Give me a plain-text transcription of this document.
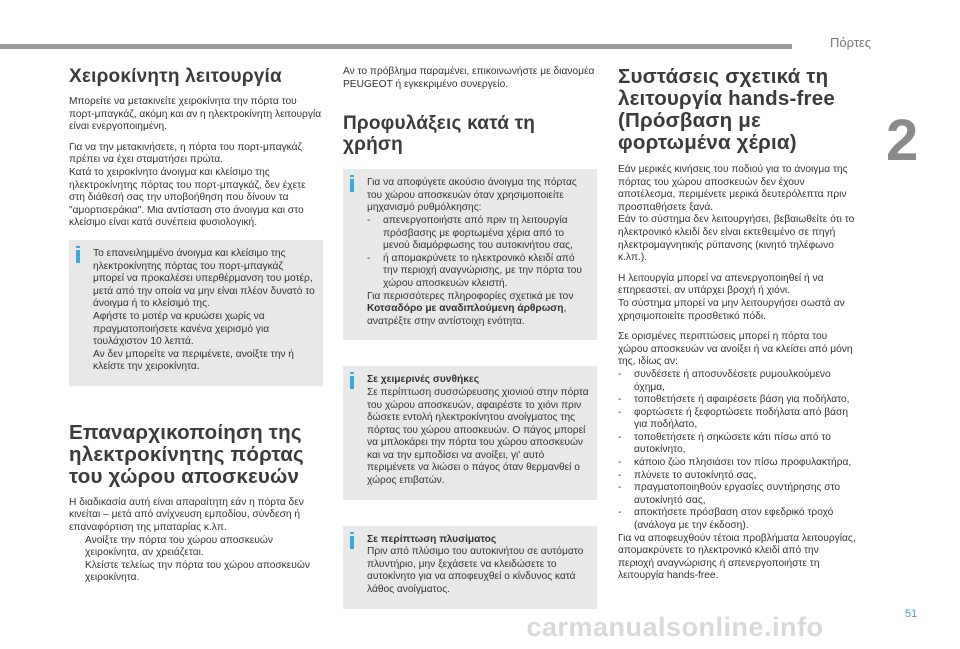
Πόρτες
2
51
carmanualsonline.info
Χειροκίνητη λειτουργία

Μπορείτε να μετακινείτε χειροκίνητα την πόρτα του πορτ-μπαγκάζ, ακόμη και αν η ηλεκτροκίνητη λειτουργία είναι ενεργοποιημένη.

Για να την μετακινήσετε, η πόρτα του πορτ-μπαγκάζ πρέπει να έχει σταματήσει πρώτα.

Κατά το χειροκίνητο άνοιγμα και κλείσιμο της ηλεκτροκίνητης πόρτας του πορτ-μπαγκάζ, δεν έχετε στη διάθεσή σας την υποβοήθηση που δίνουν τα "αμορτισεράκια". Μια αντίσταση στο άνοιγμα και στο κλείσιμο είναι κατά συνέπεια φυσιολογική.

Το επανειλημμένο άνοιγμα και κλείσιμο της ηλεκτροκίνητης πόρτας του πορτ-μπαγκάζ μπορεί να προκαλέσει υπερθέρμανση του μοτέρ, μετά από την οποία να μην είναι πλέον δυνατό το άνοιγμα ή το κλείσιμό της.
Αφήστε το μοτέρ να κρυώσει χωρίς να πραγματοποιήσετε κανένα χειρισμό για τουλάχιστον 10 λεπτά.
Αν δεν μπορείτε να περιμένετε, ανοίξτε την ή κλείστε την χειροκίνητα.
Επαναρχικοποίηση της ηλεκτροκίνητης πόρτας του χώρου αποσκευών

Η διαδικασία αυτή είναι απαραίτητη εάν η πόρτα δεν κινείται – μετά από ανίχνευση εμποδίου, σύνδεση ή επαναφόρτιση της μπαταρίας κ.λπ.

Ανοίξτε την πόρτα του χώρου αποσκευών χειροκίνητα, αν χρειάζεται.
Κλείστε τελείως την πόρτα του χώρου αποσκευών χειροκίνητα.

Αν το πρόβλημα παραμένει, επικοινωνήστε με διανομέα PEUGEOT ή εγκεκριμένο συνεργείο.

Προφυλάξεις κατά τη χρήση
Για να αποφύγετε ακούσιο άνοιγμα της πόρτας του χώρου αποσκευών όταν χρησιμοποιείτε μηχανισμό ρυθμόλκησης:
-	απενεργοποιήστε από πριν τη λειτουργία πρόσβασης με φορτωμένα χέρια από το μενού διαμόρφωσης του αυτοκινήτου σας,
-	ή απομακρύνετε το ηλεκτρονικό κλειδί από την περιοχή αναγνώρισης, με την πόρτα του χώρου αποσκευών κλειστή.
Για περισσότερες πληροφορίες σχετικά με τον Κοτσαδόρο με αναδιπλούμενη άρθρωση, ανατρέξτε στην αντίστοιχη ενότητα.
Σε χειμερινές συνθήκες
Σε περίπτωση συσσώρευσης χιονιού στην πόρτα του χώρου αποσκευών, αφαιρέστε το χιόνι πριν δώσετε εντολή ηλεκτροκίνητου ανοίγματος της πόρτας του χώρου αποσκευών. Ο πάγος μπορεί να μπλοκάρει την πόρτα του χώρου αποσκευών και να την εμποδίσει να ανοίξει, γι' αυτό περιμένετε να λιώσει ο πάγος όταν θερμανθεί ο χώρος επιβατών.
Σε περίπτωση πλυσίματος
Πριν από πλύσιμο του αυτοκινήτου σε αυτόματο πλυντήριο, μην ξεχάσετε να κλειδώσετε το αυτοκίνητο για να αποφευχθεί ο κίνδυνος κατά λάθος ανοίγματος.
Συστάσεις σχετικά τη λειτουργία hands-free (Πρόσβαση με φορτωμένα χέρια)

Εάν μερικές κινήσεις του ποδιού για το άνοιγμα της πόρτας του χώρου αποσκευών δεν έχουν αποτέλεσμα, περιμένετε μερικά δευτερόλεπτα πριν προσπαθήσετε ξανά.

Εάν το σύστημα δεν λειτουργήσει, βεβαιωθείτε ότι το ηλεκτρονικό κλειδί δεν είναι εκτεθειμένο σε πηγή ηλεκτρομαγνητικής ρύπανσης (κινητό τηλέφωνο κ.λπ.).

Η λειτουργία μπορεί να απενεργοποιηθεί ή να επηρεαστεί, αν υπάρχει βροχή ή χιόνι.

Το σύστημα μπορεί να μην λειτουργήσει σωστά αν χρησιμοποιείτε προσθετικό πόδι.

Σε ορισμένες περιπτώσεις μπορεί η πόρτα του χώρου αποσκευών να ανοίξει ή να κλείσει από μόνη της, ιδίως αν:

-	συνδέσετε ή αποσυνδέσετε ρυμουλκούμενο όχημα,
-	τοποθετήσετε ή αφαιρέσετε βάση για ποδήλατο,
-	φορτώσετε ή ξεφορτώσετε ποδήλατα από βάση για ποδήλατο,
-	τοποθετήσετε ή σηκώσετε κάτι πίσω από το αυτοκίνητο,
-	κάποιο ζώο πλησιάσει τον πίσω προφυλακτήρα,
-	πλύνετε το αυτοκίνητό σας,
-	πραγματοποιηθούν εργασίες συντήρησης στο αυτοκίνητό σας,
-	αποκτήσετε πρόσβαση στον εφεδρικό τροχό (ανάλογα με την έκδοση).

Για να αποφευχθούν τέτοια προβλήματα λειτουργίας, απομακρύνετε το ηλεκτρονικό κλειδί από την περιοχή αναγνώρισης ή απενεργοποιήστε τη λειτουργία hands-free.
